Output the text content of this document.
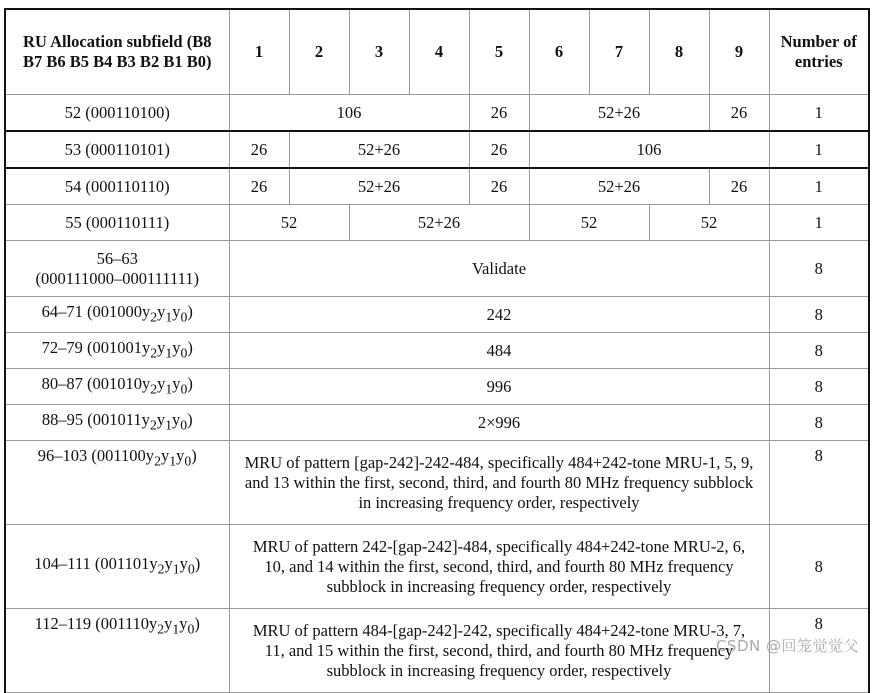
RU Allocation subfield (B8 B7 B6 B5 B4 B3 B2 B1 B0)	1	2	3	4	5	6	7	8	9	Number of entries
52 (000110100)	106				26	52+26			26	1
53 (000110101)	26	52+26			26	106				1
54 (000110110)	26	52+26			26	52+26			26	1
55 (000110111)	52		52+26			52		52		1
56–63
(000111000–000111111)	Validate									8
64–71 $(001000y_2y_1y_0)$	242									8
72–79 $(001001y_2y_1y_0)$	484									8
80–87 $(001010y_2y_1y_0)$	996									8
88–95 $(001011y_2y_1y_0)$	2×996									8
96–103 $(001100y_2y_1y_0)$	MRU of pattern [gap-242]-242-484, specifically 484+242-tone MRU-1, 5, 9, and 13 within the first, second, third, and fourth 80 MHz frequency subblock in increasing frequency order, respectively									8
104–111 $(001101y_2y_1y_0)$	MRU of pattern 242-[gap-242]-484, specifically 484+242-tone MRU-2, 6, 10, and 14 within the first, second, third, and fourth 80 MHz frequency subblock in increasing frequency order, respectively									8
112–119 $(001110y_2y_1y_0)$	MRU of pattern 484-[gap-242]-242, specifically 484+242-tone MRU-3, 7, 11, and 15 within the first, second, third, and fourth 80 MHz frequency subblock in increasing frequency order, respectively									8
CSDN @回笼觉觉父
